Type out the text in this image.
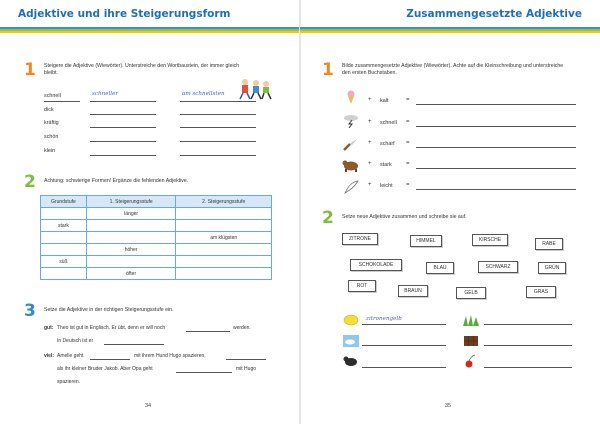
Adjektive und ihre Steigerungsform
1 Steigere die Adjektive (Wiewörter). Unterstreiche den Wortbaustein, der immer gleich bleibt.
schnell	schneller	am schnellsten
dick
kräftig
schön
klein
2 Achtung: schwierige Formen! Ergänze die fehlenden Adjektive.
Grundstufe	1. Steigerungsstufe	2. Steigerungsstufe
	länger	
stark		
		am klügsten
	höher	
süß		
	öfter	
3 Setze die Adjektive in der richtigen Steigerungsstufe ein.
gut: Theo ist gut in Englisch. Er übt, denn er will noch	werden.
In Deutsch ist er
viel: Amelie geht	mit ihrem Hund Hugo spazieren,
als ihr kleiner Bruder Jakob. Aber Opa geht	mit Hugo
spazieren.
34
Zusammengesetzte Adjektive
1 Bilde zusammengesetzte Adjektive (Wiewörter). Achte auf die Kleinschreibung und unterstreiche den ersten Buchstaben.
+ kalt	=
+ schnell =
+ scharf =
+ stark =
+ leicht =
2 Setze neue Adjektive zusammen und schreibe sie auf.
ZITRONE	HIMMEL	KIRSCHE
RABE
SCHOKOLADE	BLAU	SCHWARZ	GRÜN
ROT
BRAUN	GELB	GRAS
zitronengelb
35
